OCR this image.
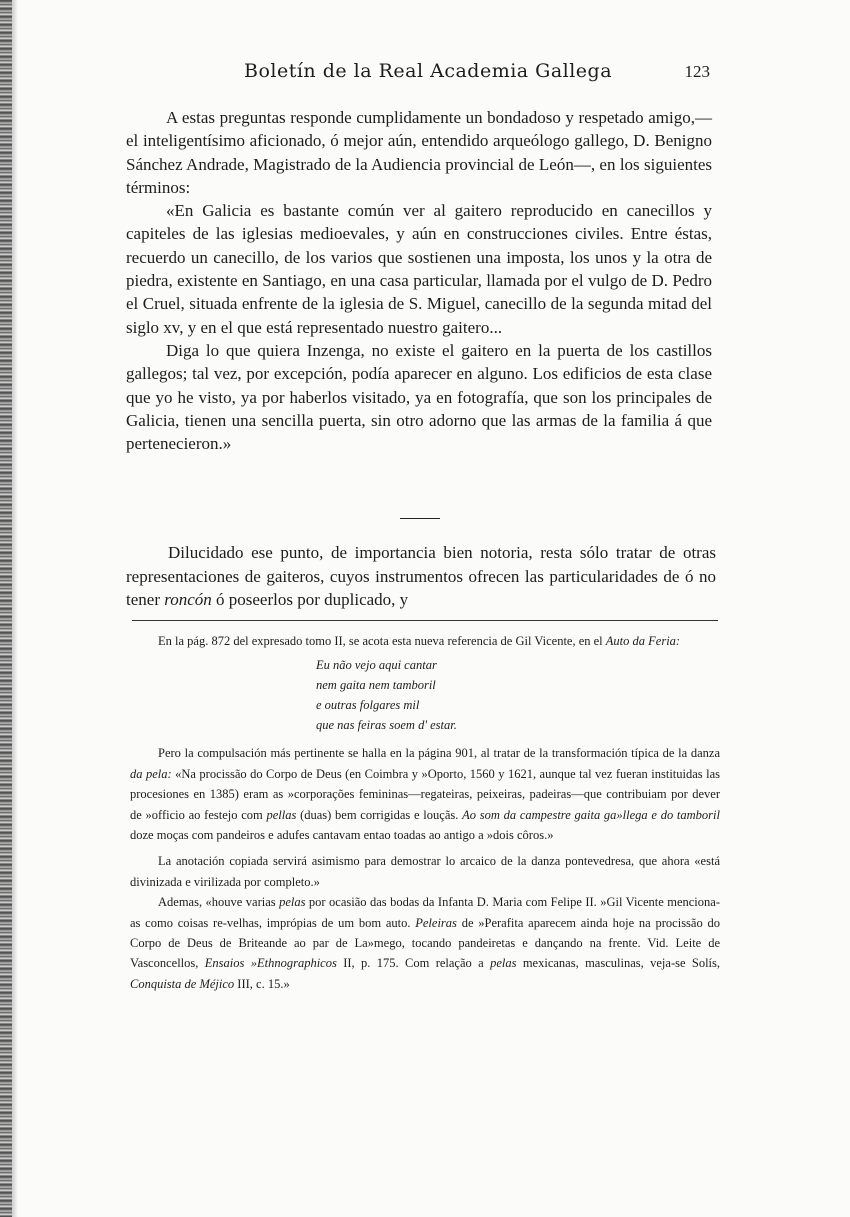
Boletín de la Real Academia Gallega	123

A estas preguntas responde cumplidamente un bondadoso y respetado amigo,—el inteligentísimo aficionado, ó mejor aún, entendido arqueólogo gallego, D. Benigno Sánchez Andrade, Magistrado de la Audiencia provincial de León—, en los siguientes términos:

«En Galicia es bastante común ver al gaitero reproducido en canecillos y capiteles de las iglesias medioevales, y aún en construcciones civiles. Entre éstas, recuerdo un canecillo, de los varios que sostienen una imposta, los unos y la otra de piedra, existente en Santiago, en una casa particular, llamada por el vulgo de D. Pedro el Cruel, situada enfrente de la iglesia de S. Miguel, canecillo de la segunda mitad del siglo xv, y en el que está representado nuestro gaitero...

Diga lo que quiera Inzenga, no existe el gaitero en la puerta de los castillos gallegos; tal vez, por excepción, podía aparecer en alguno. Los edificios de esta clase que yo he visto, ya por haberlos visitado, ya en fotografía, que son los principales de Galicia, tienen una sencilla puerta, sin otro adorno que las armas de la familia á que pertenecieron.»

Dilucidado ese punto, de importancia bien notoria, resta sólo tratar de otras representaciones de gaiteros, cuyos instrumentos ofrecen las particularidades de ó no tener roncón ó poseerlos por duplicado, y

En la pág. 872 del expresado tomo II, se acota esta nueva referencia de Gil Vicente, en el Auto da Feria:

Eu não vejo aqui cantar
nem gaita nem tamboril
e outras folgares mil
que nas feiras soem d' estar.

Pero la compulsación más pertinente se halla en la página 901, al tratar de la transformación típica de la danza da pela: «Na procissão do Corpo de Deus (en Coimbra y »Oporto, 1560 y 1621, aunque tal vez fueran instituidas las procesiones en 1385) eram as »corporações femininas—regateiras, peixeiras, padeiras—que contribuiam por dever de »officio ao festejo com pellas (duas) bem corrigidas e louçãs. Ao som da campestre gaita ga»llega e do tamboril doze moças com pandeiros e adufes cantavam entao toadas ao antigo a »dois côros.»

La anotación copiada servirá asimismo para demostrar lo arcaico de la danza pontevedresa, que ahora «está divinizada e virilizada por completo.»

Ademas, «houve varias pelas por ocasião das bodas da Infanta D. Maria com Felipe II. »Gil Vicente menciona-as como coisas re-velhas, imprópias de um bom auto. Peleiras de »Perafita aparecem ainda hoje na procissão do Corpo de Deus de Briteande ao par de La»mego, tocando pandeiretas e dançando na frente. Vid. Leite de Vasconcellos, Ensaios »Ethnographicos II, p. 175. Com relação a pelas mexicanas, masculinas, veja-se Solís, Conquista de Méjico III, c. 15.»
